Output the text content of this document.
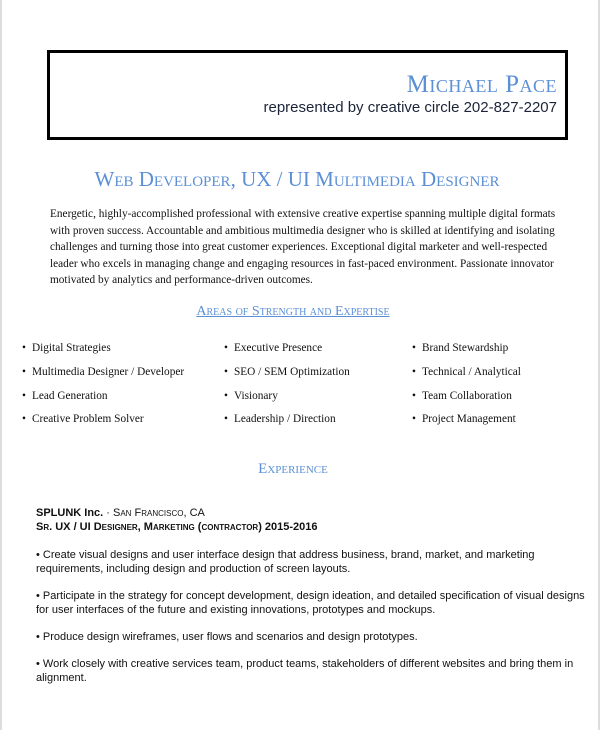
Michael Pace
represented by creative circle 202-827-2207
Web Developer, UX / UI Multimedia Designer
Energetic, highly-accomplished professional with extensive creative expertise spanning multiple digital formats with proven success. Accountable and ambitious multimedia designer who is skilled at identifying and isolating challenges and turning those into great customer experiences. Exceptional digital marketer and well-respected leader who excels in managing change and engaging resources in fast-paced environment. Passionate innovator motivated by analytics and performance-driven outcomes.
Areas of Strength and Expertise
• Digital Strategies	• Executive Presence	• Brand Stewardship
• Multimedia Designer / Developer	• SEO / SEM Optimization	• Technical / Analytical
• Lead Generation	• Visionary	• Team Collaboration
• Creative Problem Solver	• Leadership / Direction	• Project Management
Experience
SPLUNK Inc. · San Francisco, CA
Sr. UX / UI Designer, Marketing (contractor) 2015-2016
• Create visual designs and user interface design that address business, brand, market, and marketing requirements, including design and production of screen layouts.
• Participate in the strategy for concept development, design ideation, and detailed specification of visual designs for user interfaces of the future and existing innovations, prototypes and mockups.
• Produce design wireframes, user flows and scenarios and design prototypes.
• Work closely with creative services team, product teams, stakeholders of different websites and bring them in alignment.
